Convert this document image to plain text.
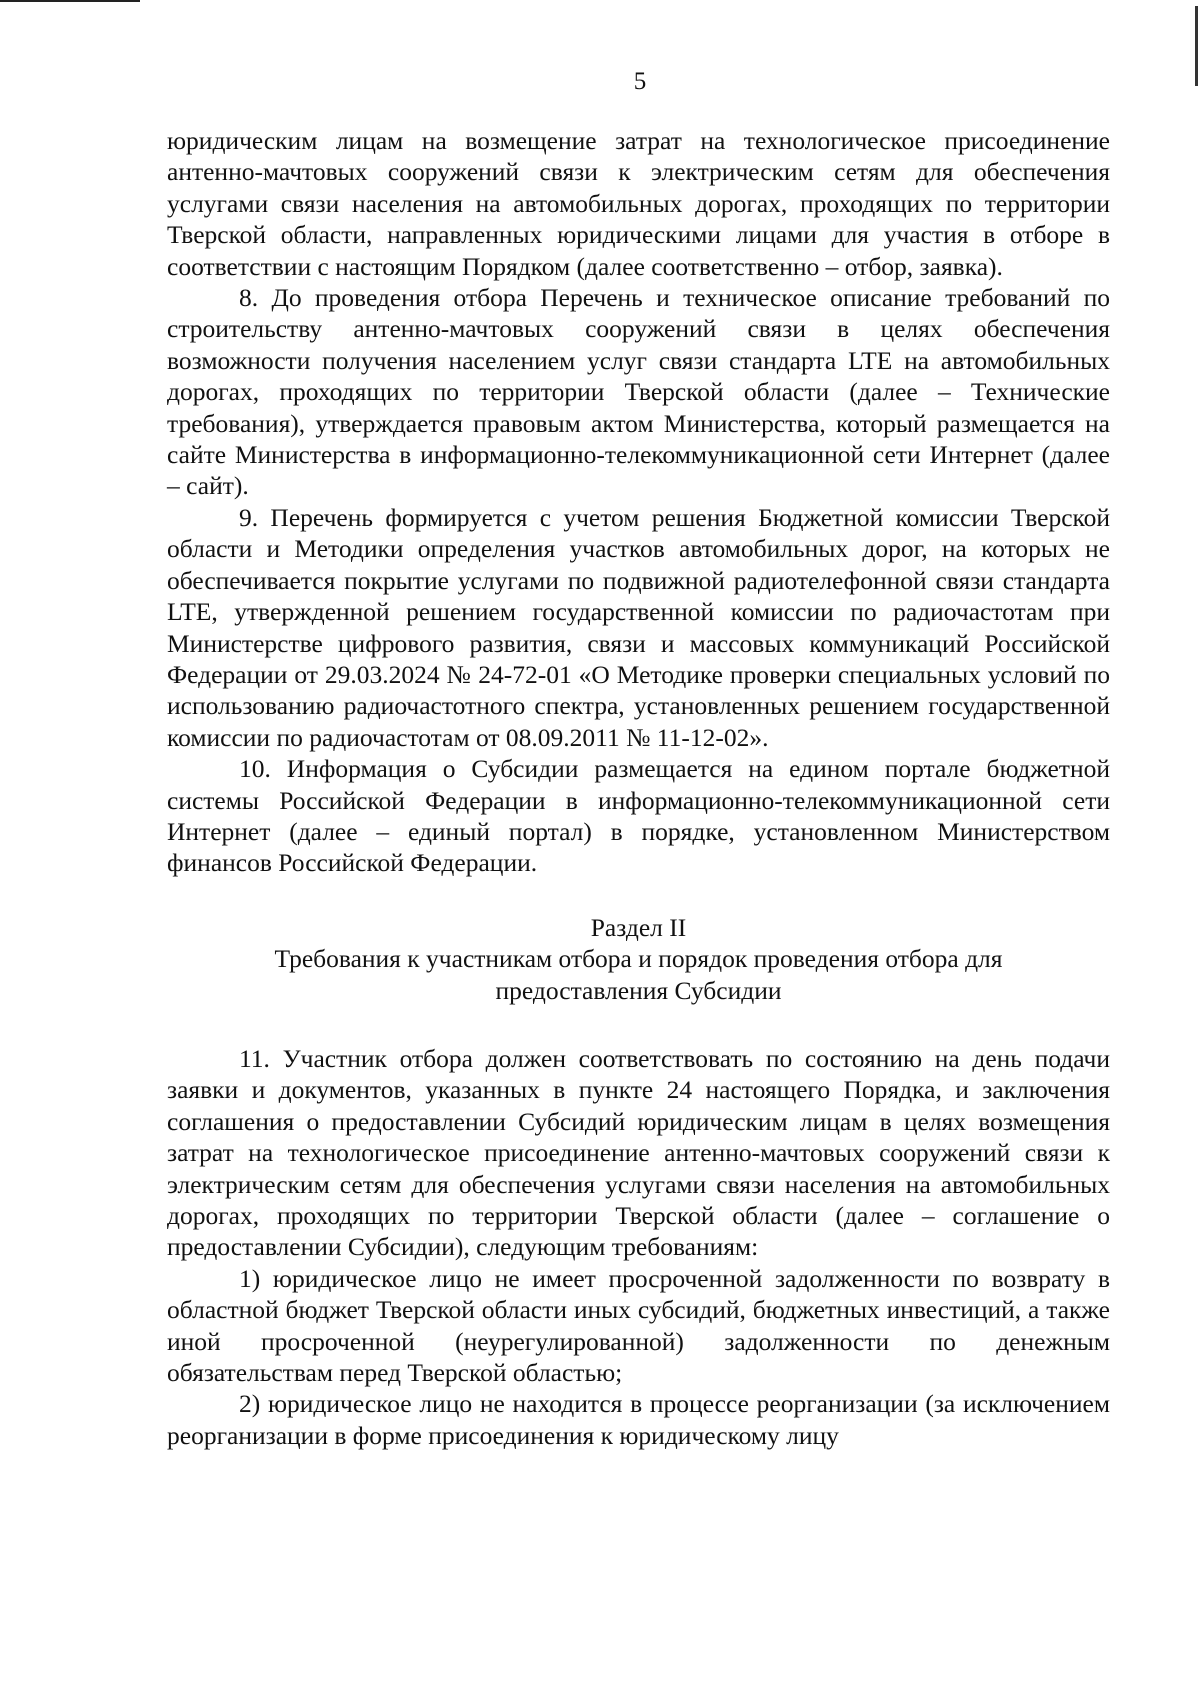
5

юридическим лицам на возмещение затрат на технологическое присоединение антенно-мачтовых сооружений связи к электрическим сетям для обеспечения услугами связи населения на автомобильных дорогах, проходящих по территории Тверской области, направленных юридическими лицами для участия в отборе в соответствии с настоящим Порядком (далее соответственно – отбор, заявка).

8. До проведения отбора Перечень и техническое описание требований по строительству антенно-мачтовых сооружений связи в целях обеспечения возможности получения населением услуг связи стандарта LTE на автомобильных дорогах, проходящих по территории Тверской области (далее – Технические требования), утверждается правовым актом Министерства, который размещается на сайте Министерства в информационно-телекоммуникационной сети Интернет (далее – сайт).

9. Перечень формируется с учетом решения Бюджетной комиссии Тверской области и Методики определения участков автомобильных дорог, на которых не обеспечивается покрытие услугами по подвижной радиотелефонной связи стандарта LTE, утвержденной решением государственной комиссии по радиочастотам при Министерстве цифрового развития, связи и массовых коммуникаций Российской Федерации от 29.03.2024 № 24-72-01 «О Методике проверки специальных условий по использованию радиочастотного спектра, установленных решением государственной комиссии по радиочастотам от 08.09.2011 № 11-12-02».

10. Информация о Субсидии размещается на едином портале бюджетной системы Российской Федерации в информационно-телекоммуникационной сети Интернет (далее – единый портал) в порядке, установленном Министерством финансов Российской Федерации.

Раздел II

Требования к участникам отбора и порядок проведения отбора для

предоставления Субсидии

11. Участник отбора должен соответствовать по состоянию на день подачи заявки и документов, указанных в пункте 24 настоящего Порядка, и заключения соглашения о предоставлении Субсидий юридическим лицам в целях возмещения затрат на технологическое присоединение антенно-мачтовых сооружений связи к электрическим сетям для обеспечения услугами связи населения на автомобильных дорогах, проходящих по территории Тверской области (далее – соглашение о предоставлении Субсидии), следующим требованиям:

1) юридическое лицо не имеет просроченной задолженности по возврату в областной бюджет Тверской области иных субсидий, бюджетных инвестиций, а также иной просроченной (неурегулированной) задолженности по денежным обязательствам перед Тверской областью;

2) юридическое лицо не находится в процессе реорганизации (за исключением реорганизации в форме присоединения к юридическому лицу
